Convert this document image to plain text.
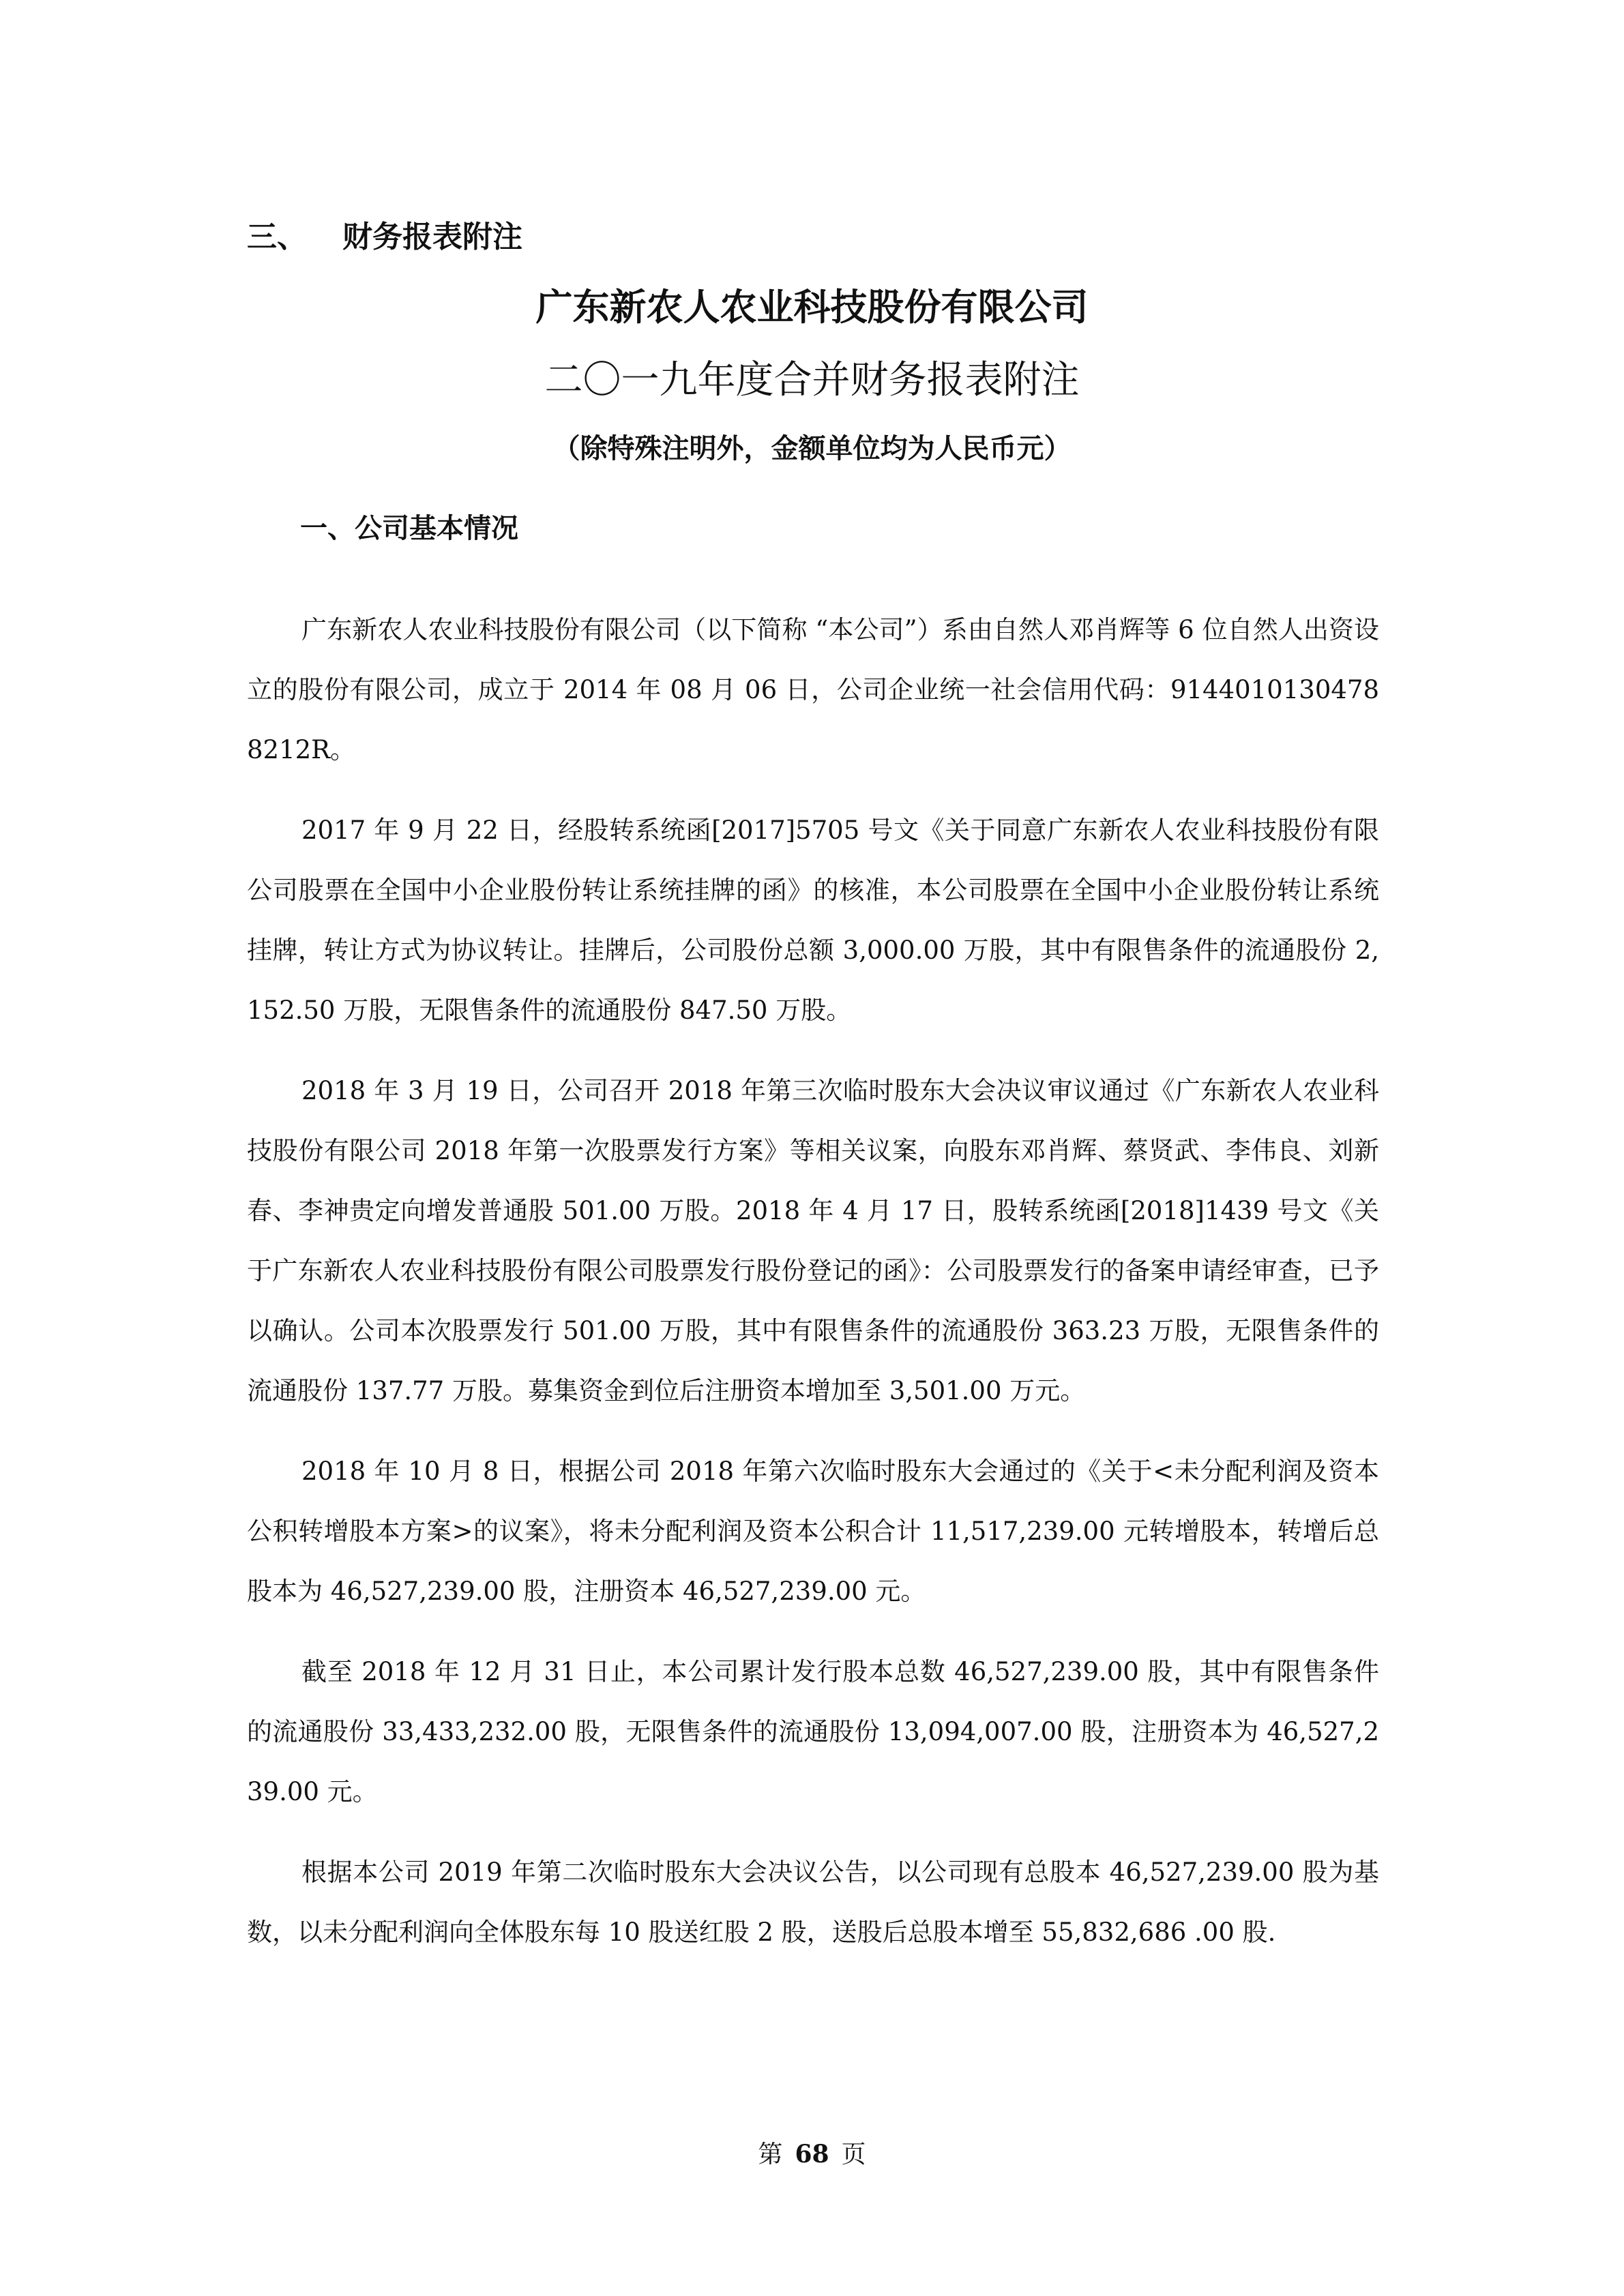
三、 财务报表附注
广东新农人农业科技股份有限公司
二〇一九年度合并财务报表附注
（除特殊注明外，金额单位均为人民币元）
一、公司基本情况

广东新农人农业科技股份有限公司（以下简称 “本公司”）系由自然人邓肖辉等 6 位自然人出资设立的股份有限公司，成立于 2014 年 08 月 06 日，公司企业统一社会信用代码：91440101304788212R。

2017 年 9 月 22 日，经股转系统函[2017]5705 号文《关于同意广东新农人农业科技股份有限公司股票在全国中小企业股份转让系统挂牌的函》的核准，本公司股票在全国中小企业股份转让系统挂牌，转让方式为协议转让。挂牌后，公司股份总额 3,000.00 万股，其中有限售条件的流通股份 2,152.50 万股，无限售条件的流通股份 847.50 万股。

2018 年 3 月 19 日，公司召开 2018 年第三次临时股东大会决议审议通过《广东新农人农业科技股份有限公司 2018 年第一次股票发行方案》等相关议案，向股东邓肖辉、蔡贤武、李伟良、刘新春、李神贵定向增发普通股 501.00 万股。2018 年 4 月 17 日，股转系统函[2018]1439 号文《关于广东新农人农业科技股份有限公司股票发行股份登记的函》：公司股票发行的备案申请经审查，已予以确认。公司本次股票发行 501.00 万股，其中有限售条件的流通股份 363.23 万股，无限售条件的流通股份 137.77 万股。募集资金到位后注册资本增加至 3,501.00 万元。

2018 年 10 月 8 日，根据公司 2018 年第六次临时股东大会通过的《关于<未分配利润及资本公积转增股本方案>的议案》，将未分配利润及资本公积合计 11,517,239.00 元转增股本，转增后总股本为 46,527,239.00 股，注册资本 46,527,239.00 元。

截至 2018 年 12 月 31 日止，本公司累计发行股本总数 46,527,239.00 股，其中有限售条件的流通股份 33,433,232.00 股，无限售条件的流通股份 13,094,007.00 股，注册资本为 46,527,239.00 元。

根据本公司 2019 年第二次临时股东大会决议公告，以公司现有总股本 46,527,239.00 股为基数，以未分配利润向全体股东每 10 股送红股 2 股，送股后总股本增至 55,832,686 .00 股.

第 68 页
